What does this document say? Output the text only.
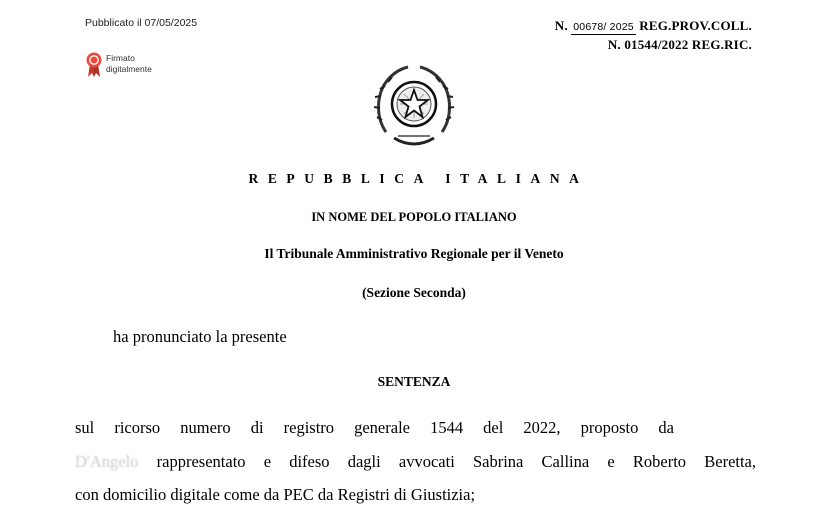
Pubblicato il 07/05/2025
Firmato
digitalmente
N. 00678/ 2025 REG.PROV.COLL.
N. 01544/2022 REG.RIC.
REPUBBLICA ITALIANA
IN NOME DEL POPOLO ITALIANO
Il Tribunale Amministrativo Regionale per il Veneto
(Sezione Seconda)
ha pronunciato la presente
SENTENZA
sul ricorso numero di registro generale 1544 del 2022, proposto da
D'Angelo rappresentato e difeso dagli avvocati Sabrina Callina e Roberto Beretta,
con domicilio digitale come da PEC da Registri di Giustizia;
